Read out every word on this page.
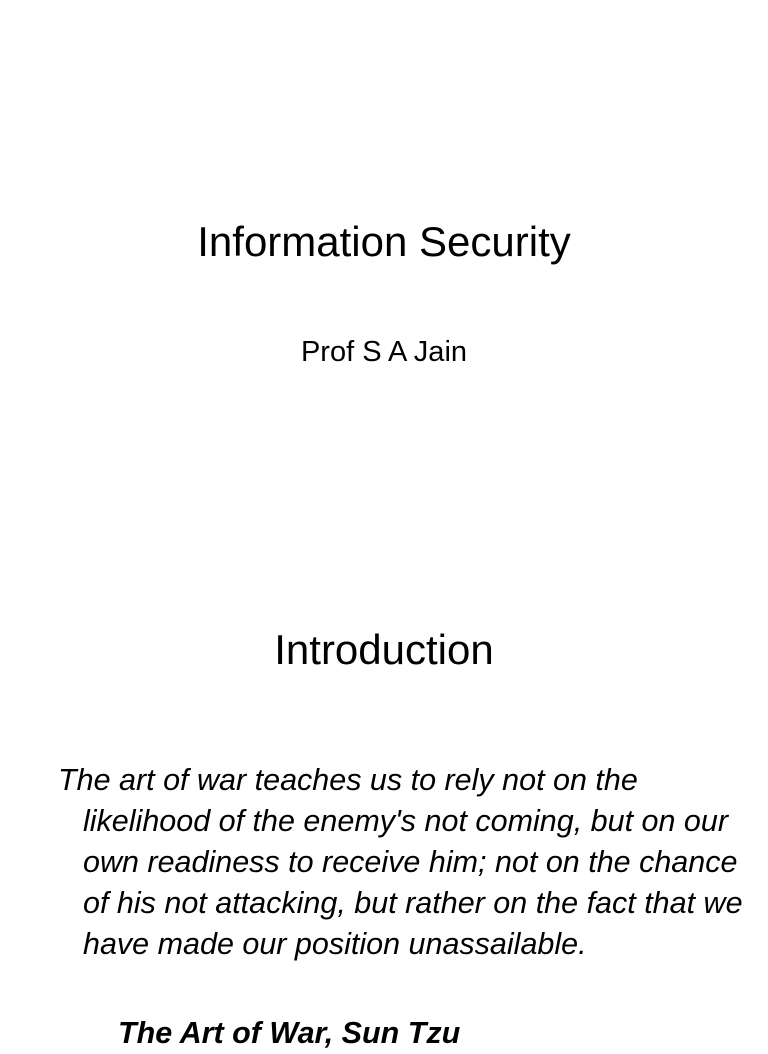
Information Security

Prof S A Jain

Introduction

The art of war teaches us to rely not on the likelihood of the enemy's not coming, but on our own readiness to receive him; not on the chance of his not attacking, but rather on the fact that we have made our position unassailable.

The Art of War, Sun Tzu
